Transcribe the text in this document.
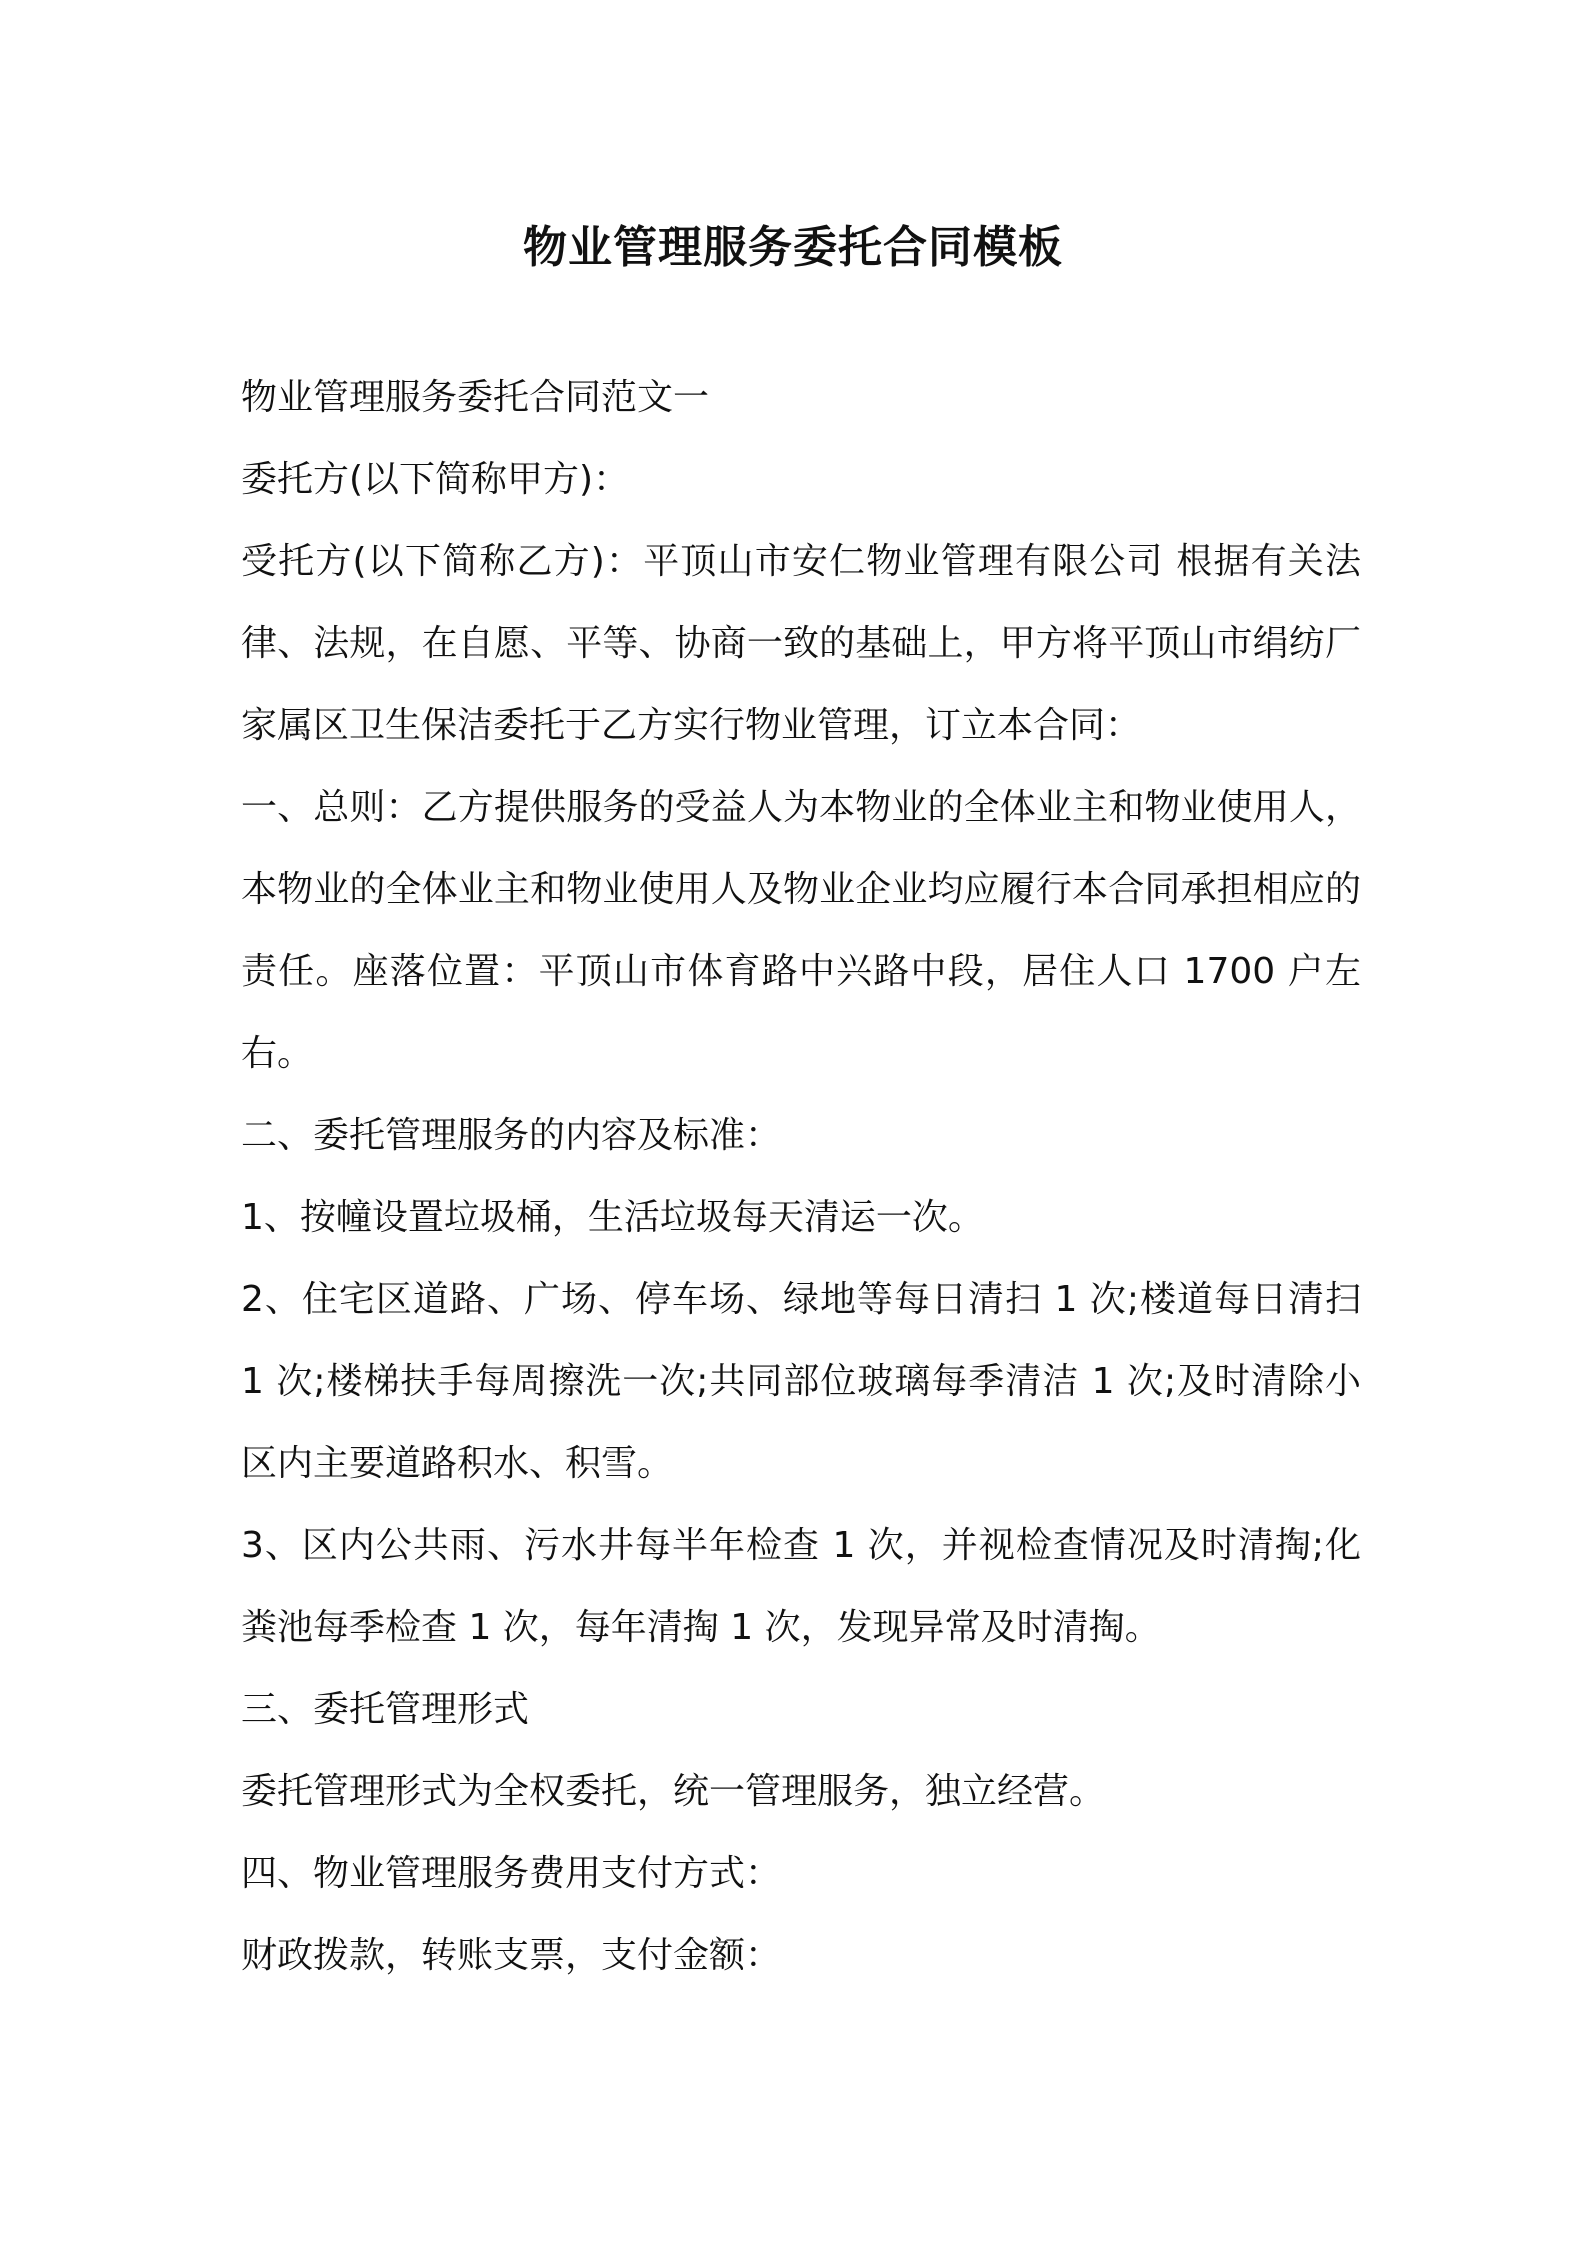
物业管理服务委托合同模板

物业管理服务委托合同范文一

委托方(以下简称甲方)：

受托方(以下简称乙方)：平顶山市安仁物业管理有限公司 根据有关法律、法规，在自愿、平等、协商一致的基础上，甲方将平顶山市绢纺厂家属区卫生保洁委托于乙方实行物业管理，订立本合同：

一、总则：乙方提供服务的受益人为本物业的全体业主和物业使用人，本物业的全体业主和物业使用人及物业企业均应履行本合同承担相应的责任。座落位置：平顶山市体育路中兴路中段，居住人口 1700 户左右。

二、委托管理服务的内容及标准：

1、按幢设置垃圾桶，生活垃圾每天清运一次。

2、住宅区道路、广场、停车场、绿地等每日清扫 1 次;楼道每日清扫 1 次;楼梯扶手每周擦洗一次;共同部位玻璃每季清洁 1 次;及时清除小区内主要道路积水、积雪。

3、区内公共雨、污水井每半年检查 1 次，并视检查情况及时清掏;化粪池每季检查 1 次，每年清掏 1 次，发现异常及时清掏。

三、委托管理形式

委托管理形式为全权委托，统一管理服务，独立经营。

四、物业管理服务费用支付方式：

财政拨款，转账支票，支付金额：
